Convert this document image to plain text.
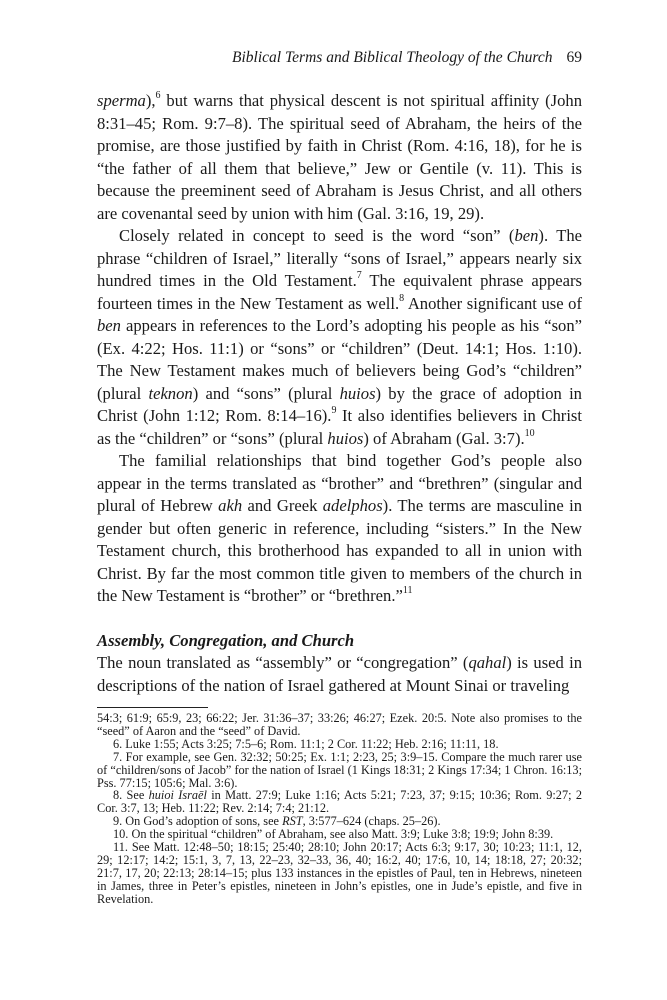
Biblical Terms and Biblical Theology of the Church 69

sperma),$^6$ but warns that physical descent is not spiritual affinity (John 8:31–45; Rom. 9:7–8). The spiritual seed of Abraham, the heirs of the promise, are those justified by faith in Christ (Rom. 4:16, 18), for he is “the father of all them that believe,” Jew or Gentile (v. 11). This is because the preeminent seed of Abraham is Jesus Christ, and all others are covenantal seed by union with him (Gal. 3:16, 19, 29).

Closely related in concept to seed is the word “son” (ben). The phrase “children of Israel,” literally “sons of Israel,” appears nearly six hundred times in the Old Testament.$^7$ The equivalent phrase appears fourteen times in the New Testament as well.$^8$ Another significant use of ben appears in references to the Lord’s adopting his people as his “son” (Ex. 4:22; Hos. 11:1) or “sons” or “children” (Deut. 14:1; Hos. 1:10). The New Testament makes much of believers being God’s “children” (plural teknon) and “sons” (plural huios) by the grace of adoption in Christ (John 1:12; Rom. 8:14–16).$^9$ It also identifies believers in Christ as the “children” or “sons” (plural huios) of Abraham (Gal. 3:7).$^{10}$

The familial relationships that bind together God’s people also appear in the terms translated as “brother” and “brethren” (singular and plural of Hebrew akh and Greek adelphos). The terms are masculine in gender but often generic in reference, including “sisters.” In the New Testament church, this brotherhood has expanded to all in union with Christ. By far the most common title given to members of the church in the New Testament is “brother” or “brethren.”$^{11}$

Assembly, Congregation, and Church

The noun translated as “assembly” or “congregation” (qahal) is used in descriptions of the nation of Israel gathered at Mount Sinai or traveling

54:3; 61:9; 65:9, 23; 66:22; Jer. 31:36–37; 33:26; 46:27; Ezek. 20:5. Note also promises to the “seed” of Aaron and the “seed” of David.

6. Luke 1:55; Acts 3:25; 7:5–6; Rom. 11:1; 2 Cor. 11:22; Heb. 2:16; 11:11, 18.

7. For example, see Gen. 32:32; 50:25; Ex. 1:1; 2:23, 25; 3:9–15. Compare the much rarer use of “children/sons of Jacob” for the nation of Israel (1 Kings 18:31; 2 Kings 17:34; 1 Chron. 16:13; Pss. 77:15; 105:6; Mal. 3:6).

8. See huioi Israēl in Matt. 27:9; Luke 1:16; Acts 5:21; 7:23, 37; 9:15; 10:36; Rom. 9:27; 2 Cor. 3:7, 13; Heb. 11:22; Rev. 2:14; 7:4; 21:12.

9. On God’s adoption of sons, see RST, 3:577–624 (chaps. 25–26).

10. On the spiritual “children” of Abraham, see also Matt. 3:9; Luke 3:8; 19:9; John 8:39.

11. See Matt. 12:48–50; 18:15; 25:40; 28:10; John 20:17; Acts 6:3; 9:17, 30; 10:23; 11:1, 12, 29; 12:17; 14:2; 15:1, 3, 7, 13, 22–23, 32–33, 36, 40; 16:2, 40; 17:6, 10, 14; 18:18, 27; 20:32; 21:7, 17, 20; 22:13; 28:14–15; plus 133 instances in the epistles of Paul, ten in Hebrews, nineteen in James, three in Peter’s epistles, nineteen in John’s epistles, one in Jude’s epistle, and five in Revelation.
